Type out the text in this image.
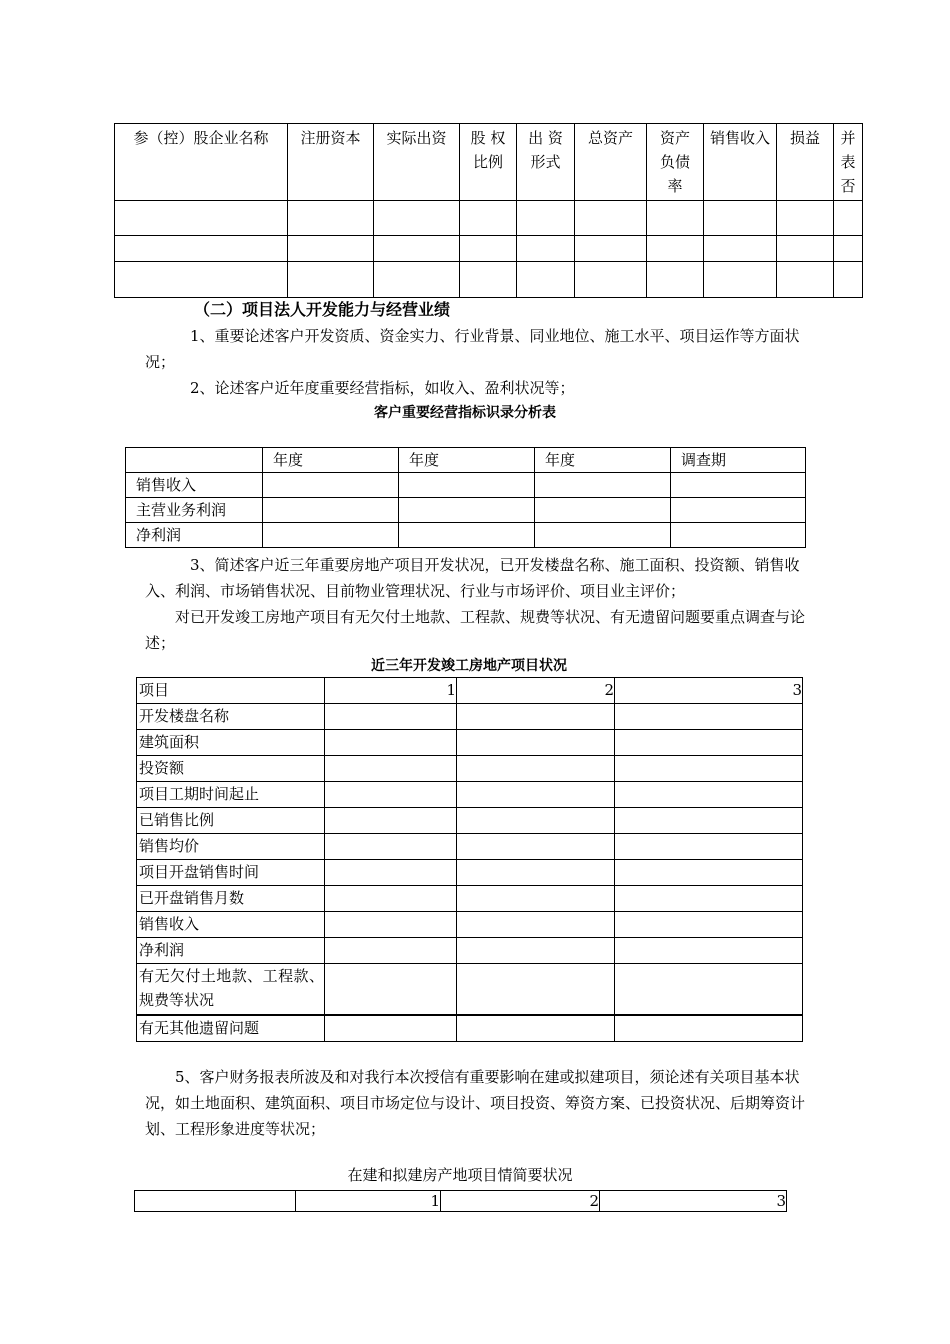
参（控）股企业名称	注册资本	实际出资	股 权 比例	出 资 形式	总资产	资产 负债 率	销售收入	损益	并表否

（二）项目法人开发能力与经营业绩
1、重要论述客户开发资质、资金实力、行业背景、同业地位、施工水平、项目运作等方面状况；
2、论述客户近年度重要经营指标，如收入、盈利状况等；
客户重要经营指标识录分析表
	年度	年度	年度	调查期
销售收入				
主营业务利润				
净利润				
3、简述客户近三年重要房地产项目开发状况，已开发楼盘名称、施工面积、投资额、销售收入、利润、市场销售状况、目前物业管理状况、行业与市场评价、项目业主评价；
对已开发竣工房地产项目有无欠付土地款、工程款、规费等状况、有无遗留问题要重点调查与论述；
近三年开发竣工房地产项目状况
项目	1	2	3
开发楼盘名称			
建筑面积			
投资额			
项目工期时间起止			
已销售比例			
销售均价			
项目开盘销售时间			
已开盘销售月数			
销售收入			
净利润			
有无欠付土地款、工程款、规费等状况			
有无其他遗留问题			
5、客户财务报表所波及和对我行本次授信有重要影响在建或拟建项目，须论述有关项目基本状况，如土地面积、建筑面积、项目市场定位与设计、项目投资、筹资方案、已投资状况、后期筹资计划、工程形象进度等状况；
在建和拟建房产地项目情简要状况
	1	2	3
